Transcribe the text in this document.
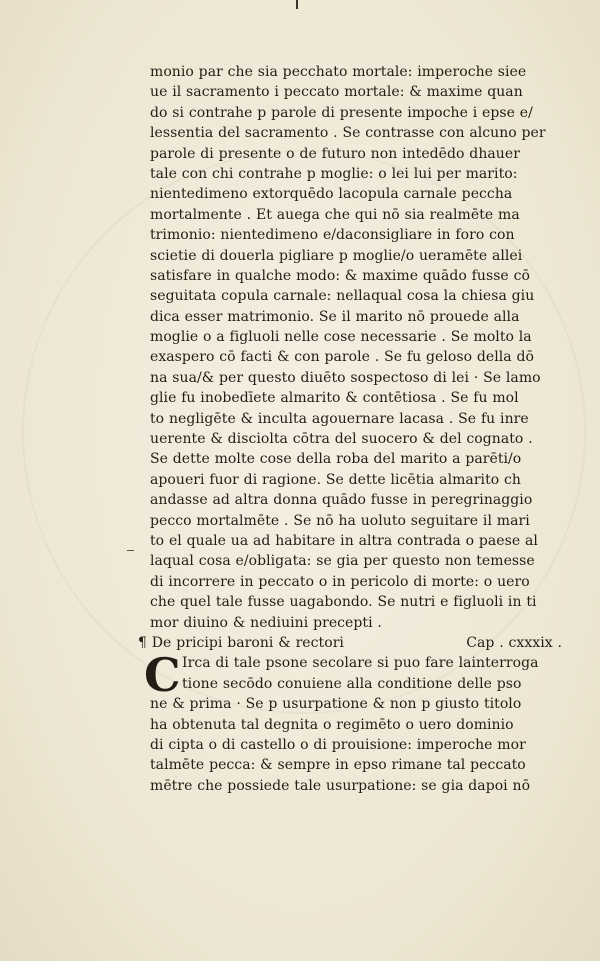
monio par che sia pecchato mortale: imperoche siee
ue il sacramento i peccato mortale: & maxime quan
do si contrahe p parole di presente impoche i epse e/
lessentia del sacramento . Se contrasse con alcuno per
parole di presente o de futuro non intedēdo dhauer
tale con chi contrahe p moglie: o lei lui per marito:
nientedimeno extorquēdo lacopula carnale peccha
mortalmente . Et auega che qui nō sia realmēte ma
trimonio: nientedimeno e/daconsigliare in foro con
scietie di douerla pigliare p moglie/o ueramēte allei
satisfare in qualche modo: & maxime quādo fusse cō
seguitata copula carnale: nellaqual cosa la chiesa giu
dica esser matrimonio. Se il marito nō prouede alla
moglie o a figluoli nelle cose necessarie . Se molto la
exaspero cō facti & con parole . Se fu geloso della dō
na sua/& per questo diuēto sospectoso di lei · Se lamo
glie fu inobedīete almarito & contētiosa . Se fu mol
to negligēte & inculta agouernare lacasa . Se fu inre
uerente & disciolta cōtra del suocero & del cognato .
Se dette molte cose della roba del marito a parēti/o
apoueri fuor di ragione. Se dette licētia almarito ch
andasse ad altra donna quādo fusse in peregrinaggio
pecco mortalmēte . Se nō ha uoluto seguitare il mari
to el quale ua ad habitare in altra contrada o paese al
laqual cosa e/obligata: se gia per questo non temesse
di incorrere in peccato o in pericolo di morte: o uero
che quel tale fusse uagabondo. Se nutri e figluoli in ti
mor diuino & nediuini precepti .
¶ De pricipi baroni & rectori	Cap . cxxxix .
C Irca di tale psone secolare si puo fare lainterroga
tione secōdo conuiene alla conditione delle pso
ne & prima · Se p usurpatione & non p giusto titolo
ha obtenuta tal degnita o regimēto o uero dominio
di cipta o di castello o di prouisione: imperoche mor
talmēte pecca: & sempre in epso rimane tal peccato
mētre che possiede tale usurpatione: se gia dapoi nō
